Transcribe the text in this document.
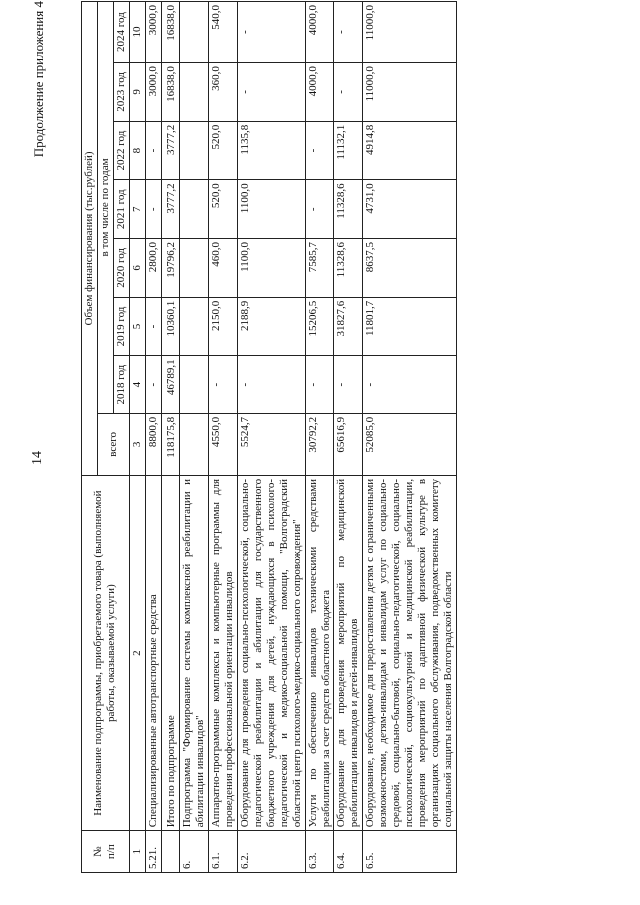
14
Продолжение приложения 4
№ п/п	Наименование подпрограммы, приобретаемого товара (выполняемой работы, оказываемой услуги)	Объем финансирования (тыс.рублей)							
		всего	в том числе по годам						
			2018 год	2019 год	2020 год	2021 год	2022 год	2023 год	2024 год
1	2	3	4	5	6	7	8	9	10
5.21.	Специализированные автотранспортные средства	8800,0	-	-	2800,0	-	-	3000,0	3000,0
	Итого по подпрограмме	118175,8	46789,1	10360,1	19796,2	3777,2	3777,2	16838,0	16838,0
6.	Подпрограмма "Формирование системы комплексной реабилитации и абилитации инвалидов"								
6.1.	Аппаратно-программные комплексы и компьютерные программы для проведения профессиональной ориентации инвалидов	4550,0	-	2150,0	460,0	520,0	520,0	360,0	540,0
6.2.	Оборудование для проведения социально-психологической, социально-педагогической реабилитации и абилитации для государственного бюджетного учреждения для детей, нуждающихся в психолого-педагогической и медико-социальной помощи, "Волгоградский областной центр психолого-медико-социального сопровождения"	5524,7	-	2188,9	1100,0	1100,0	1135,8	-	-
6.3.	Услуги по обеспечению инвалидов техническими средствами реабилитации за счет средств областного бюджета	30792,2	-	15206,5	7585,7	-	-	4000,0	4000,0
6.4.	Оборудование для проведения мероприятий по медицинской реабилитации инвалидов и детей-инвалидов	65616,9	-	31827,6	11328,6	11328,6	11132,1	-	-
6.5.	Оборудование, необходимое для предоставления детям с ограниченными возможностями, детям-инвалидам и инвалидам услуг по социально-средовой, социально-бытовой, социально-педагогической, социально-психологической, социокультурной и медицинской реабилитации, проведения мероприятий по адаптивной физической культуре в организациях социального обслуживания, подведомственных комитету социальной защиты населения Волгоградской области	52085,0	-	11801,7	8637,5	4731,0	4914,8	11000,0	11000,0
